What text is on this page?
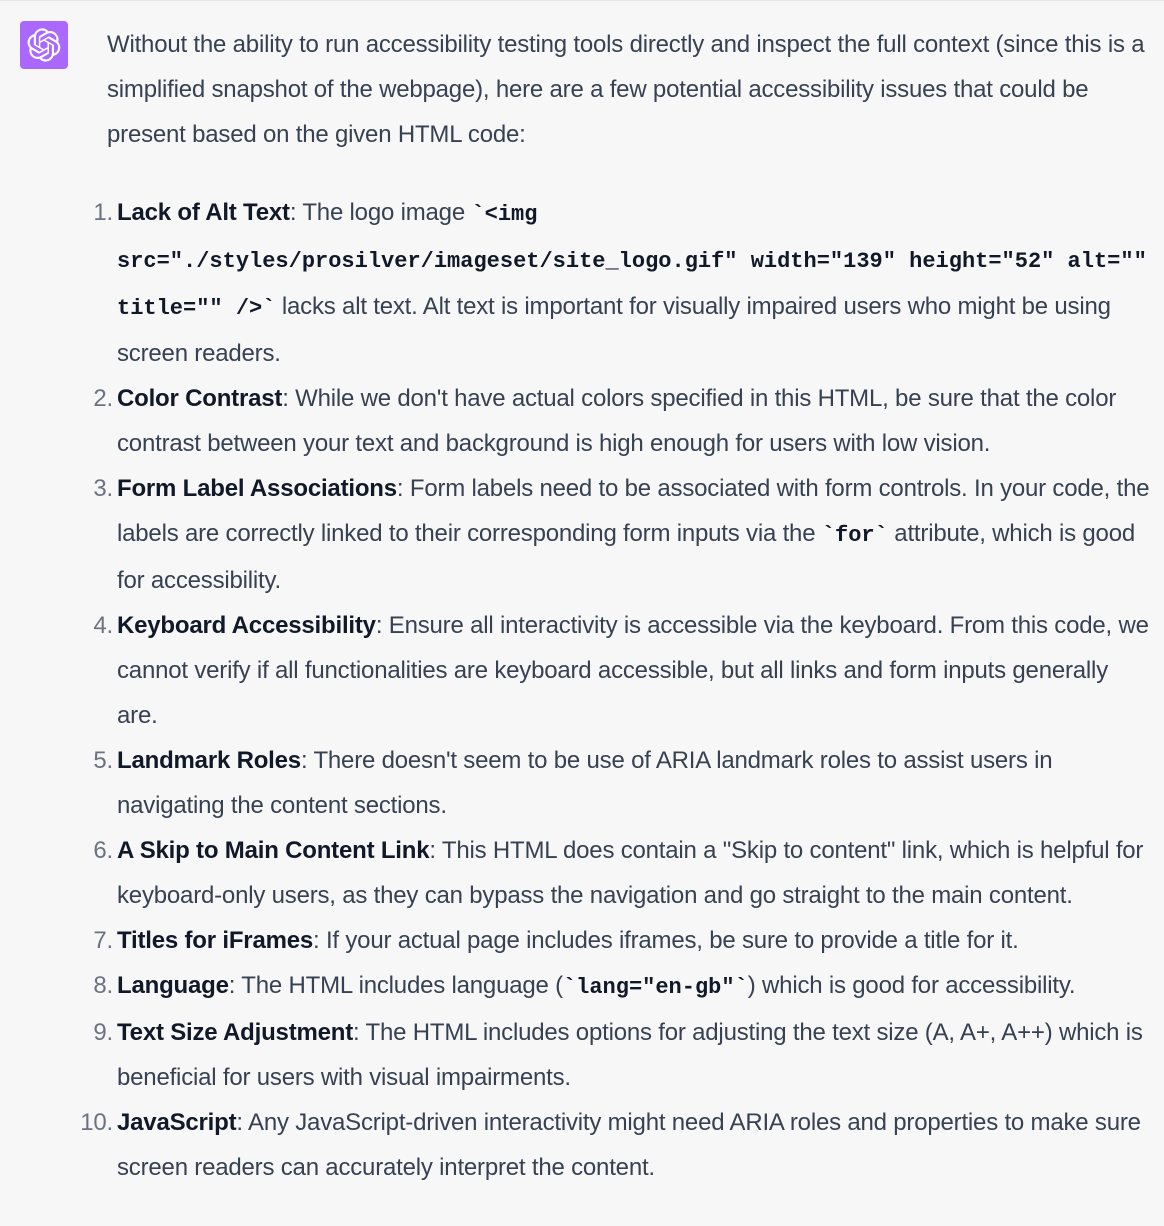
Without the ability to run accessibility testing tools directly and inspect the full context (since this is a simplified snapshot of the webpage), here are a few potential accessibility issues that could be present based on the given HTML code:

1. Lack of Alt Text: The logo image `<img src="./styles/prosilver/imageset/site_logo.gif" width="139" height="52" alt="" title="" />` lacks alt text. Alt text is important for visually impaired users who might be using screen readers.
2. Color Contrast: While we don't have actual colors specified in this HTML, be sure that the color contrast between your text and background is high enough for users with low vision.
3. Form Label Associations: Form labels need to be associated with form controls. In your code, the labels are correctly linked to their corresponding form inputs via the `for` attribute, which is good for accessibility.
4. Keyboard Accessibility: Ensure all interactivity is accessible via the keyboard. From this code, we cannot verify if all functionalities are keyboard accessible, but all links and form inputs generally are.
5. Landmark Roles: There doesn't seem to be use of ARIA landmark roles to assist users in navigating the content sections.
6. A Skip to Main Content Link: This HTML does contain a "Skip to content" link, which is helpful for keyboard-only users, as they can bypass the navigation and go straight to the main content.
7. Titles for iFrames: If your actual page includes iframes, be sure to provide a title for it.
8. Language: The HTML includes language (`lang="en-gb"`) which is good for accessibility.
9. Text Size Adjustment: The HTML includes options for adjusting the text size (A, A+, A++) which is beneficial for users with visual impairments.
10. JavaScript: Any JavaScript-driven interactivity might need ARIA roles and properties to make sure screen readers can accurately interpret the content.
